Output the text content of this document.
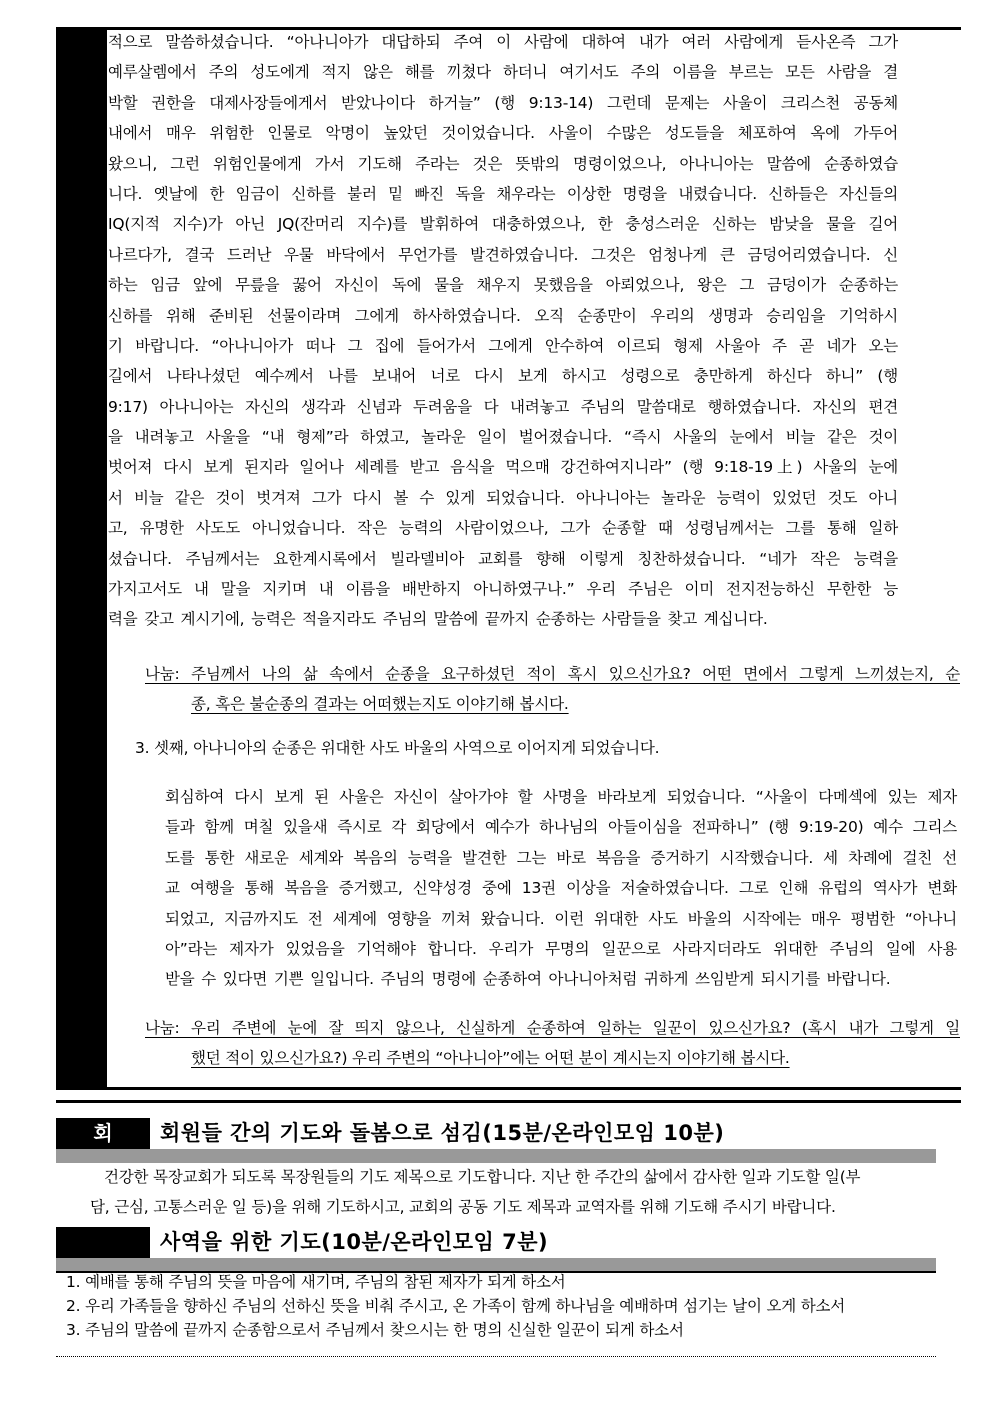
적으로 말씀하셨습니다. “아나니아가 대답하되 주여 이 사람에 대하여 내가 여러 사람에게 듣사온즉 그가
예루살렘에서 주의 성도에게 적지 않은 해를 끼쳤다 하더니 여기서도 주의 이름을 부르는 모든 사람을 결
박할 권한을 대제사장들에게서 받았나이다 하거늘” (행 9:13-14) 그런데 문제는 사울이 크리스천 공동체
내에서 매우 위험한 인물로 악명이 높았던 것이었습니다. 사울이 수많은 성도들을 체포하여 옥에 가두어
왔으니, 그런 위험인물에게 가서 기도해 주라는 것은 뜻밖의 명령이었으나, 아나니아는 말씀에 순종하였습
니다. 옛날에 한 임금이 신하를 불러 밑 빠진 독을 채우라는 이상한 명령을 내렸습니다. 신하들은 자신들의
IQ(지적 지수)가 아닌 JQ(잔머리 지수)를 발휘하여 대충하였으나, 한 충성스러운 신하는 밤낮을 물을 길어
나르다가, 결국 드러난 우물 바닥에서 무언가를 발견하였습니다. 그것은 엄청나게 큰 금덩어리였습니다. 신
하는 임금 앞에 무릎을 꿇어 자신이 독에 물을 채우지 못했음을 아뢰었으나, 왕은 그 금덩이가 순종하는
신하를 위해 준비된 선물이라며 그에게 하사하였습니다. 오직 순종만이 우리의 생명과 승리임을 기억하시
기 바랍니다. “아나니아가 떠나 그 집에 들어가서 그에게 안수하여 이르되 형제 사울아 주 곧 네가 오는
길에서 나타나셨던 예수께서 나를 보내어 너로 다시 보게 하시고 성령으로 충만하게 하신다 하니” (행
9:17) 아나니아는 자신의 생각과 신념과 두려움을 다 내려놓고 주님의 말씀대로 행하였습니다. 자신의 편견
을 내려놓고 사울을 “내 형제”라 하였고, 놀라운 일이 벌어졌습니다. “즉시 사울의 눈에서 비늘 같은 것이
벗어져 다시 보게 된지라 일어나 세례를 받고 음식을 먹으매 강건하여지니라” (행 9:18-19上) 사울의 눈에
서 비늘 같은 것이 벗겨져 그가 다시 볼 수 있게 되었습니다. 아나니아는 놀라운 능력이 있었던 것도 아니
고, 유명한 사도도 아니었습니다. 작은 능력의 사람이었으나, 그가 순종할 때 성령님께서는 그를 통해 일하
셨습니다. 주님께서는 요한계시록에서 빌라델비아 교회를 향해 이렇게 칭찬하셨습니다. “네가 작은 능력을
가지고서도 내 말을 지키며 내 이름을 배반하지 아니하였구나.” 우리 주님은 이미 전지전능하신 무한한 능
력을 갖고 계시기에, 능력은 적을지라도 주님의 말씀에 끝까지 순종하는 사람들을 찾고 계십니다.
나눔: 주님께서 나의 삶 속에서 순종을 요구하셨던 적이 혹시 있으신가요? 어떤 면에서 그렇게 느끼셨는지, 순
종, 혹은 불순종의 결과는 어떠했는지도 이야기해 봅시다.
3. 셋째, 아나니아의 순종은 위대한 사도 바울의 사역으로 이어지게 되었습니다.
회심하여 다시 보게 된 사울은 자신이 살아가야 할 사명을 바라보게 되었습니다. “사울이 다메섹에 있는 제자
들과 함께 며칠 있을새 즉시로 각 회당에서 예수가 하나님의 아들이심을 전파하니” (행 9:19-20) 예수 그리스
도를 통한 새로운 세계와 복음의 능력을 발견한 그는 바로 복음을 증거하기 시작했습니다. 세 차례에 걸친 선
교 여행을 통해 복음을 증거했고, 신약성경 중에 13권 이상을 저술하였습니다. 그로 인해 유럽의 역사가 변화
되었고, 지금까지도 전 세계에 영향을 끼쳐 왔습니다. 이런 위대한 사도 바울의 시작에는 매우 평범한 “아나니
아”라는 제자가 있었음을 기억해야 합니다. 우리가 무명의 일꾼으로 사라지더라도 위대한 주님의 일에 사용
받을 수 있다면 기쁜 일입니다. 주님의 명령에 순종하여 아나니아처럼 귀하게 쓰임받게 되시기를 바랍니다.
나눔: 우리 주변에 눈에 잘 띄지 않으나, 신실하게 순종하여 일하는 일꾼이 있으신가요? (혹시 내가 그렇게 일
했던 적이 있으신가요?) 우리 주변의 “아나니아”에는 어떤 분이 계시는지 이야기해 봅시다.
회	회원들 간의 기도와 돌봄으로 섬김(15분/온라인모임 10분)
건강한 목장교회가 되도록 목장원들의 기도 제목으로 기도합니다. 지난 한 주간의 삶에서 감사한 일과 기도할 일(부
담, 근심, 고통스러운 일 등)을 위해 기도하시고, 교회의 공동 기도 제목과 교역자를 위해 기도해 주시기 바랍니다.
사역을 위한 기도(10분/온라인모임 7분)
1. 예배를 통해 주님의 뜻을 마음에 새기며, 주님의 참된 제자가 되게 하소서
2. 우리 가족들을 향하신 주님의 선하신 뜻을 비춰 주시고, 온 가족이 함께 하나님을 예배하며 섬기는 날이 오게 하소서
3. 주님의 말씀에 끝까지 순종함으로서 주님께서 찾으시는 한 명의 신실한 일꾼이 되게 하소서
